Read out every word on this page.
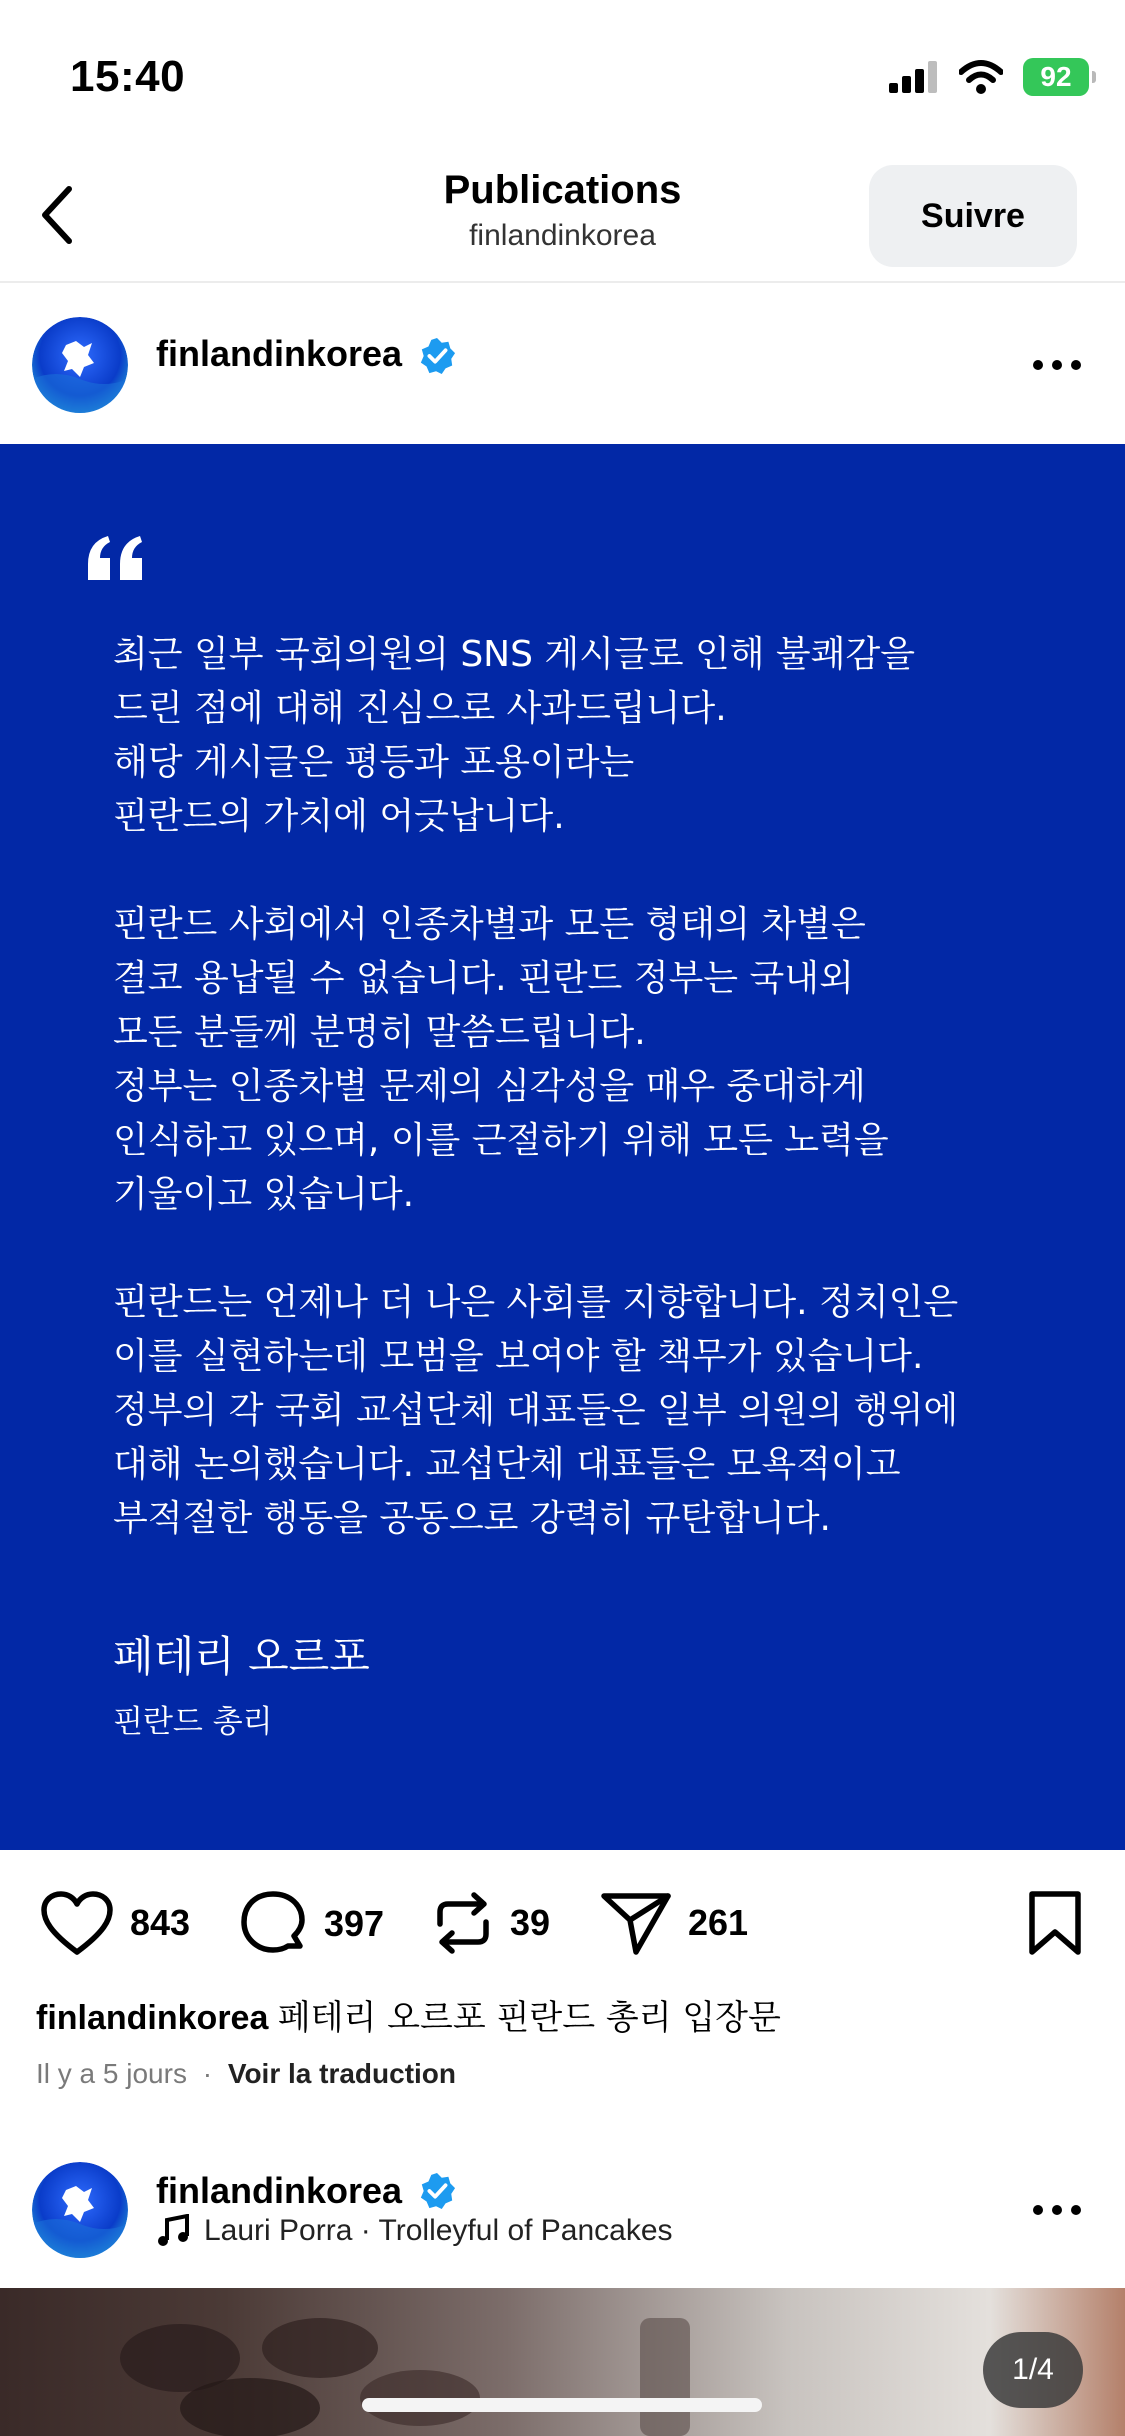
15:40	92
Publications
finlandinkorea
Suivre
finlandinkorea
최근 일부 국회의원의 SNS 게시글로 인해 불쾌감을
드린 점에 대해 진심으로 사과드립니다.
해당 게시글은 평등과 포용이라는
핀란드의 가치에 어긋납니다.
핀란드 사회에서 인종차별과 모든 형태의 차별은
결코 용납될 수 없습니다. 핀란드 정부는 국내외
모든 분들께 분명히 말씀드립니다.
정부는 인종차별 문제의 심각성을 매우 중대하게
인식하고 있으며, 이를 근절하기 위해 모든 노력을
기울이고 있습니다.
핀란드는 언제나 더 나은 사회를 지향합니다. 정치인은
이를 실현하는데 모범을 보여야 할 책무가 있습니다.
정부의 각 국회 교섭단체 대표들은 일부 의원의 행위에
대해 논의했습니다. 교섭단체 대표들은 모욕적이고
부적절한 행동을 공동으로 강력히 규탄합니다.
페테리 오르포
핀란드 총리
843	397	39	261
finlandinkorea 페테리 오르포 핀란드 총리 입장문
Il y a 5 jours · Voir la traduction
finlandinkorea
Lauri Porra · Trolleyful of Pancakes
1/4
